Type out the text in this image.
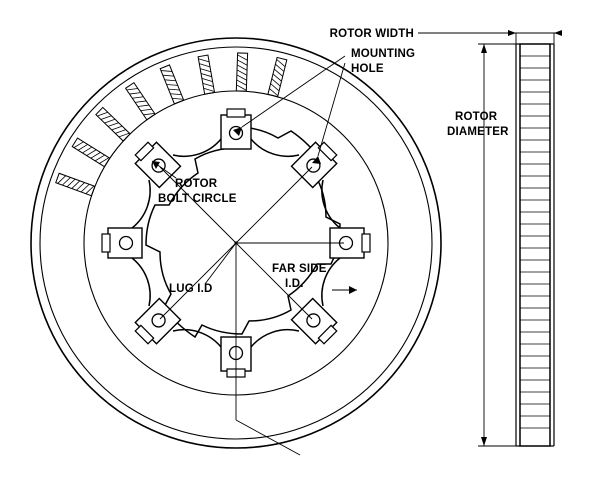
MOUNTING
HOLE
ROTOR
BOLT CIRCLE
LUG I.D
FAR SIDE
I.D.
ROTOR WIDTH
ROTOR
DIAMETER
